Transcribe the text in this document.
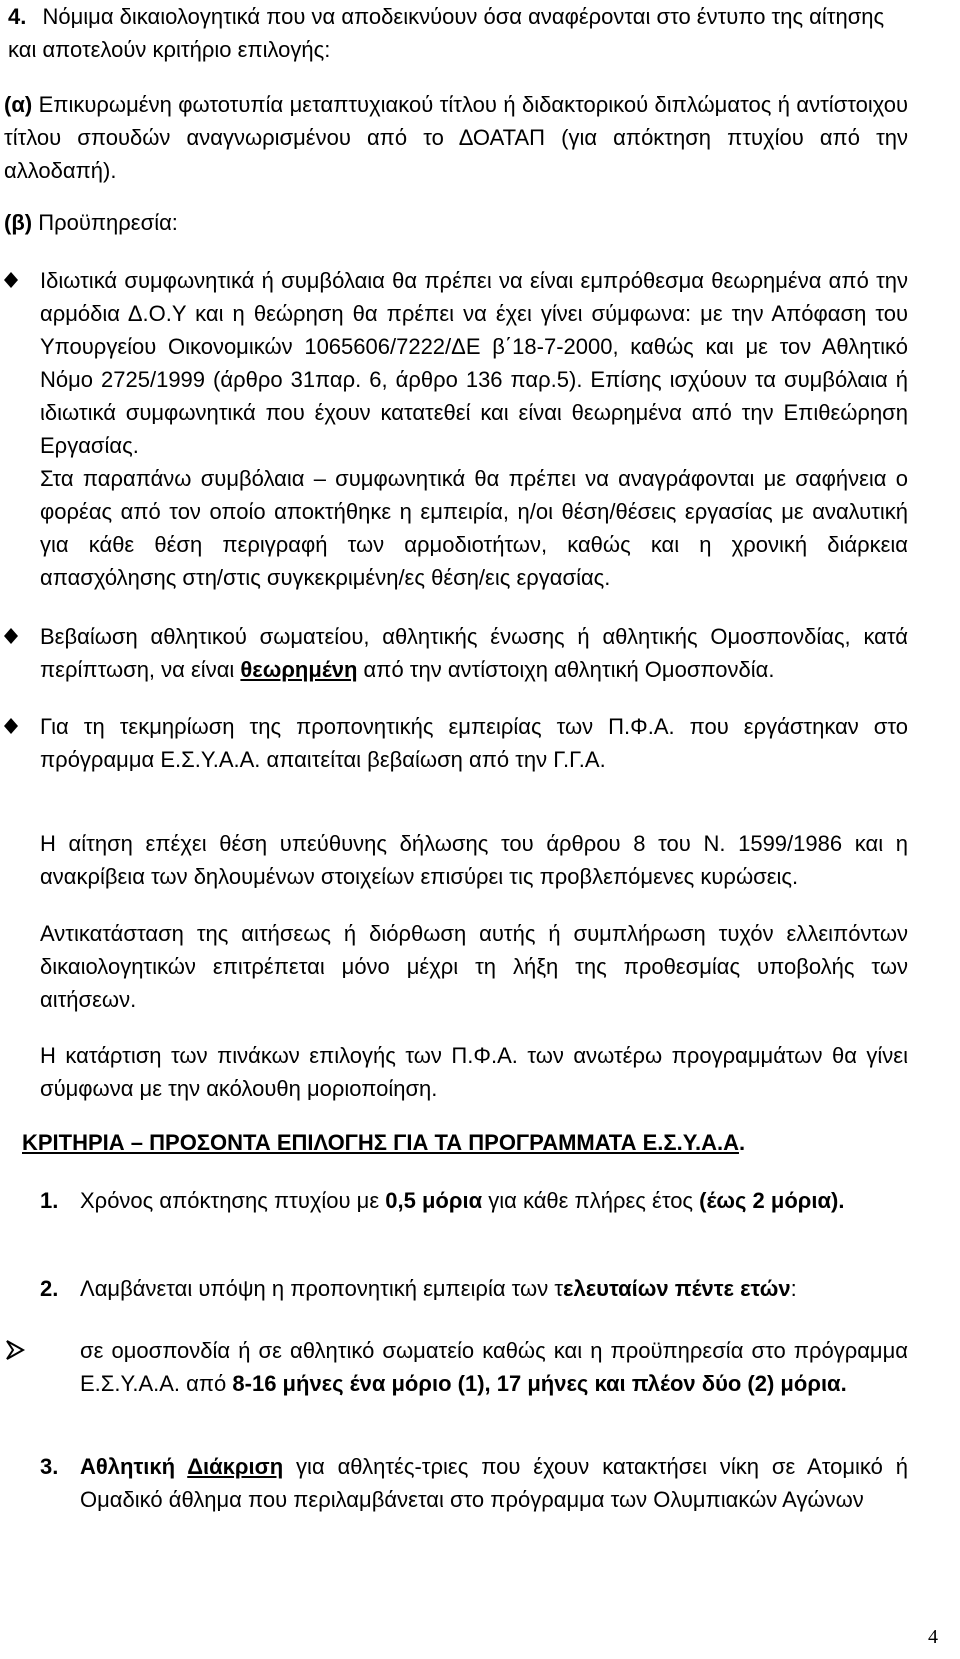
4. Νόμιμα δικαιολογητικά που να αποδεικνύουν όσα αναφέρονται στο έντυπο της αίτησης και αποτελούν κριτήριο επιλογής:
(α) Επικυρωμένη φωτοτυπία μεταπτυχιακού τίτλου ή διδακτορικού διπλώματος ή αντίστοιχου τίτλου σπουδών αναγνωρισμένου από το ΔΟΑΤΑΠ (για απόκτηση πτυχίου από την αλλοδαπή).
(β) Προϋπηρεσία:
Ιδιωτικά συμφωνητικά ή συμβόλαια θα πρέπει να είναι εμπρόθεσμα θεωρημένα από την αρμόδια Δ.Ο.Υ και η θεώρηση θα πρέπει να έχει γίνει σύμφωνα: με την Απόφαση του Υπουργείου Οικονομικών 1065606/7222/ΔΕ β΄18-7-2000, καθώς και με τον Αθλητικό Νόμο 2725/1999 (άρθρο 31παρ. 6, άρθρο 136 παρ.5). Επίσης ισχύουν τα συμβόλαια ή ιδιωτικά συμφωνητικά που έχουν κατατεθεί και είναι θεωρημένα από την Επιθεώρηση Εργασίας.
Στα παραπάνω συμβόλαια – συμφωνητικά θα πρέπει να αναγράφονται με σαφήνεια ο φορέας από τον οποίο αποκτήθηκε η εμπειρία, η/οι θέση/θέσεις εργασίας με αναλυτική για κάθε θέση περιγραφή των αρμοδιοτήτων, καθώς και η χρονική διάρκεια απασχόλησης στη/στις συγκεκριμένη/ες θέση/εις εργασίας.
Βεβαίωση αθλητικού σωματείου, αθλητικής ένωσης ή αθλητικής Ομοσπονδίας, κατά περίπτωση, να είναι θεωρημένη από την αντίστοιχη αθλητική Ομοσπονδία.
Για τη τεκμηρίωση της προπονητικής εμπειρίας των Π.Φ.Α. που εργάστηκαν στο πρόγραμμα Ε.Σ.Υ.Α.Α. απαιτείται βεβαίωση από την Γ.Γ.Α.
Η αίτηση επέχει θέση υπεύθυνης δήλωσης του άρθρου 8 του Ν. 1599/1986 και η ανακρίβεια των δηλουμένων στοιχείων επισύρει τις προβλεπόμενες κυρώσεις.
Αντικατάσταση της αιτήσεως ή διόρθωση αυτής ή συμπλήρωση τυχόν ελλειπόντων δικαιολογητικών επιτρέπεται μόνο μέχρι τη λήξη της προθεσμίας υποβολής των αιτήσεων.
Η κατάρτιση των πινάκων επιλογής των Π.Φ.Α. των ανωτέρω προγραμμάτων θα γίνει σύμφωνα με την ακόλουθη μοριοποίηση.
ΚΡΙΤΗΡΙΑ – ΠΡΟΣΟΝΤΑ ΕΠΙΛΟΓΗΣ ΓΙΑ ΤΑ ΠΡΟΓΡΑΜΜΑΤΑ Ε.Σ.Υ.Α.Α.
1. Χρόνος απόκτησης πτυχίου με 0,5 μόρια για κάθε πλήρες έτος (έως 2 μόρια).
2. Λαμβάνεται υπόψη η προπονητική εμπειρία των τελευταίων πέντε ετών:
σε ομοσπονδία ή σε αθλητικό σωματείο καθώς και η προϋπηρεσία στο πρόγραμμα Ε.Σ.Υ.Α.Α. από 8-16 μήνες ένα μόριο (1), 17 μήνες και πλέον δύο (2) μόρια.
3. Αθλητική Διάκριση για αθλητές-τριες που έχουν κατακτήσει νίκη σε Ατομικό ή Ομαδικό άθλημα που περιλαμβάνεται στο πρόγραμμα των Ολυμπιακών Αγώνων
4
